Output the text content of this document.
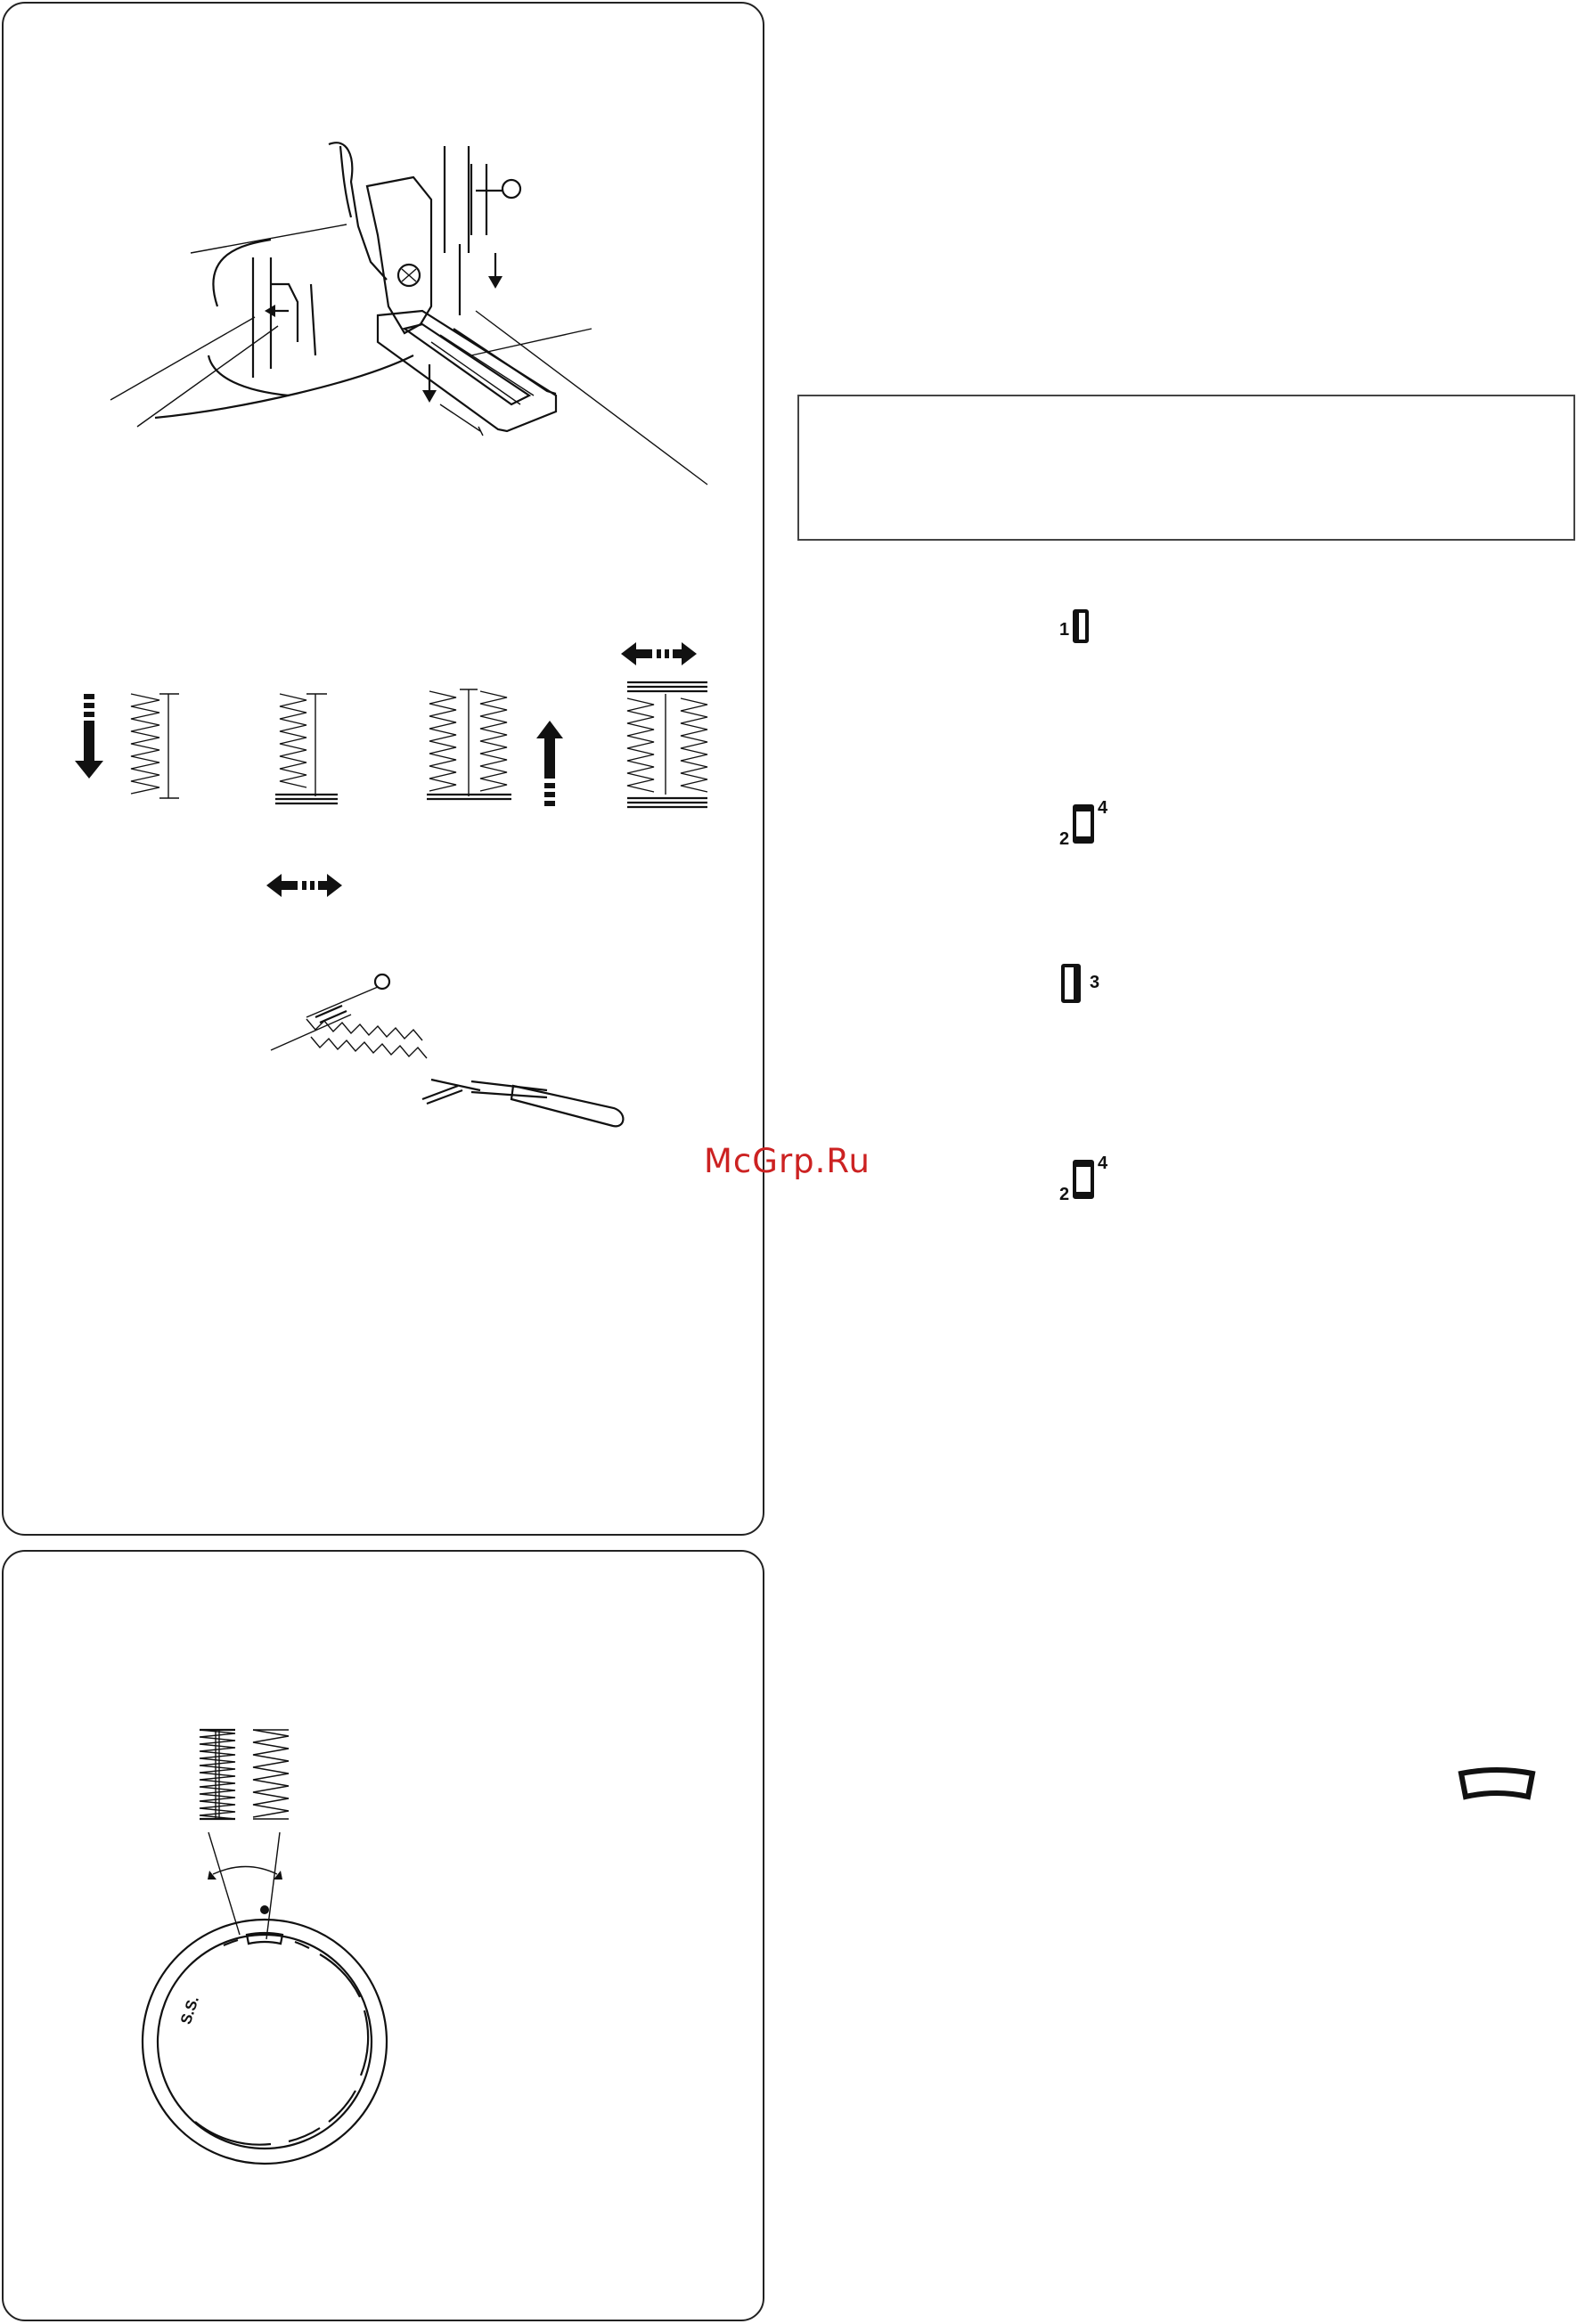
S.S.
1
2
4
3
2
4
McGrp.Ru
